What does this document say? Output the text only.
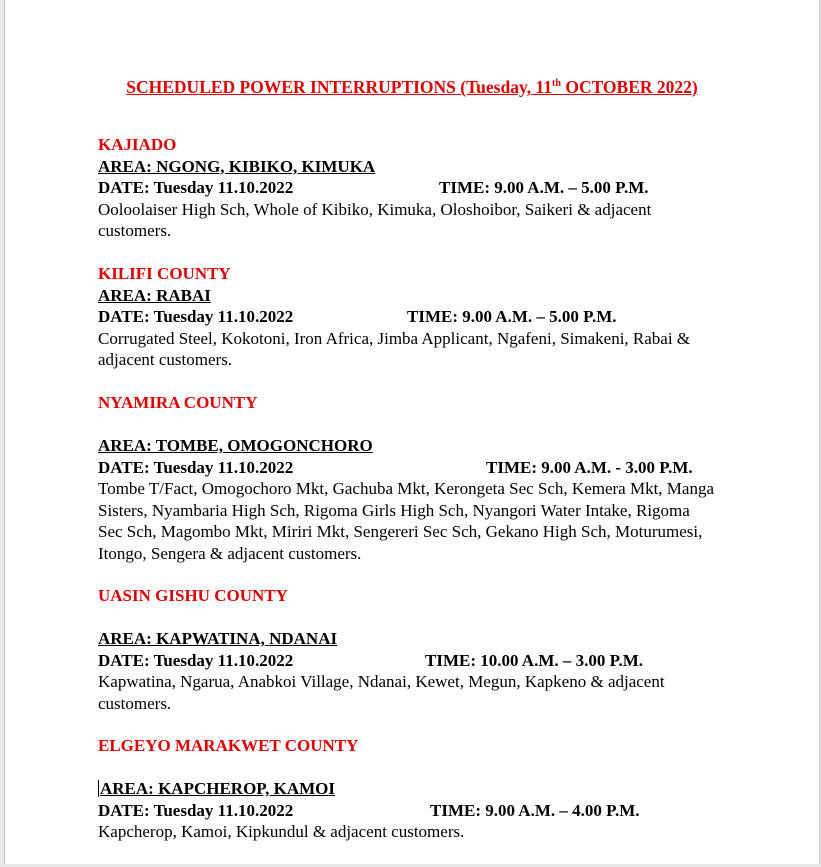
SCHEDULED POWER INTERRUPTIONS (Tuesday, 11th OCTOBER 2022)
KAJIADO
AREA: NGONG, KIBIKO, KIMUKA
DATE: Tuesday 11.10.2022	TIME: 9.00 A.M. – 5.00 P.M.
Ooloolaiser High Sch, Whole of Kibiko, Kimuka, Oloshoibor, Saikeri & adjacent customers.
KILIFI COUNTY
AREA: RABAI
DATE: Tuesday 11.10.2022	TIME: 9.00 A.M. – 5.00 P.M.
Corrugated Steel, Kokotoni, Iron Africa, Jimba Applicant, Ngafeni, Simakeni, Rabai & adjacent customers.
NYAMIRA COUNTY
AREA: TOMBE, OMOGONCHORO
DATE: Tuesday 11.10.2022	TIME: 9.00 A.M. - 3.00 P.M.
Tombe T/Fact, Omogochoro Mkt, Gachuba Mkt, Kerongeta Sec Sch, Kemera Mkt, Manga Sisters, Nyambaria High Sch, Rigoma Girls High Sch, Nyangori Water Intake, Rigoma Sec Sch, Magombo Mkt, Miriri Mkt, Sengereri Sec Sch, Gekano High Sch, Moturumesi, Itongo, Sengera & adjacent customers.
UASIN GISHU COUNTY
AREA: KAPWATINA, NDANAI
DATE: Tuesday 11.10.2022	TIME: 10.00 A.M. – 3.00 P.M.
Kapwatina, Ngarua, Anabkoi Village, Ndanai, Kewet, Megun, Kapkeno & adjacent customers.
ELGEYO MARAKWET COUNTY
AREA: KAPCHEROP, KAMOI
DATE: Tuesday 11.10.2022	TIME: 9.00 A.M. – 4.00 P.M.
Kapcherop, Kamoi, Kipkundul & adjacent customers.
